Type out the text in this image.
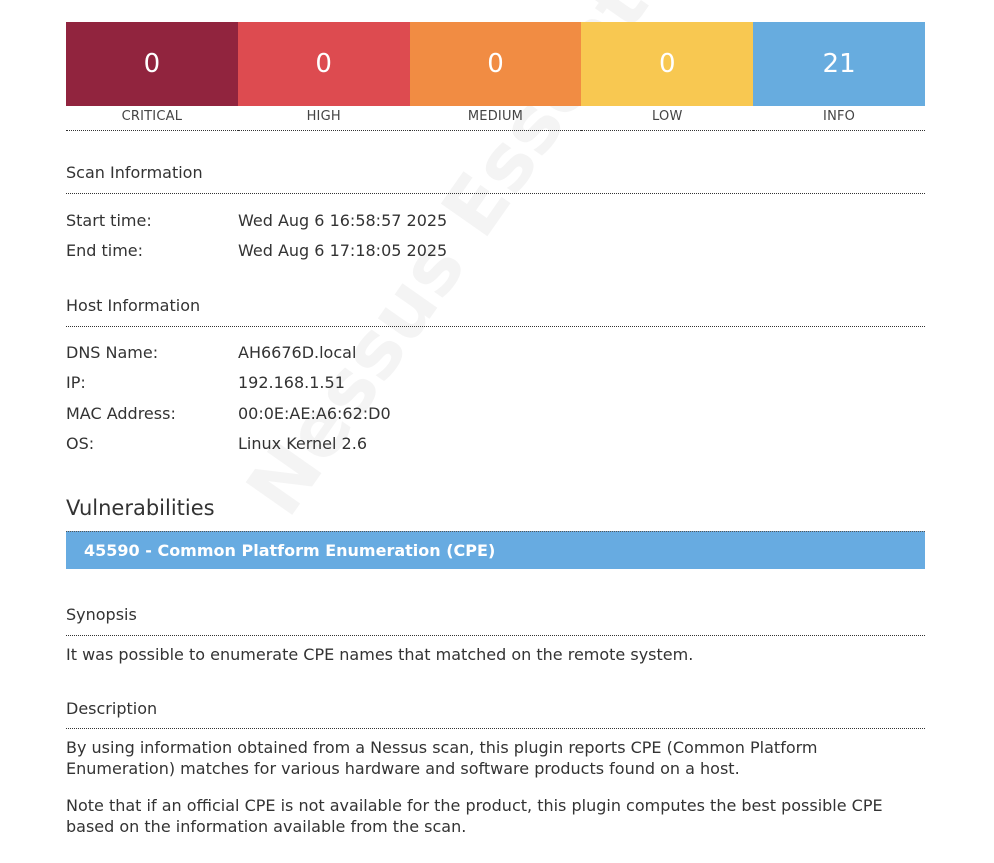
0
CRITICAL
0
HIGH
0
MEDIUM
0
LOW
21
INFO
Scan Information
Start time:	Wed Aug 6 16:58:57 2025
End time:	Wed Aug 6 17:18:05 2025
Host Information
DNS Name:	AH6676D.local
IP:	192.168.1.51
MAC Address:	00:0E:AE:A6:62:D0
OS:	Linux Kernel 2.6
Vulnerabilities
45590 - Common Platform Enumeration (CPE)
Synopsis

It was possible to enumerate CPE names that matched on the remote system.

Description

By using information obtained from a Nessus scan, this plugin reports CPE (Common Platform Enumeration) matches for various hardware and software products found on a host.

Note that if an official CPE is not available for the product, this plugin computes the best possible CPE based on the information available from the scan.
